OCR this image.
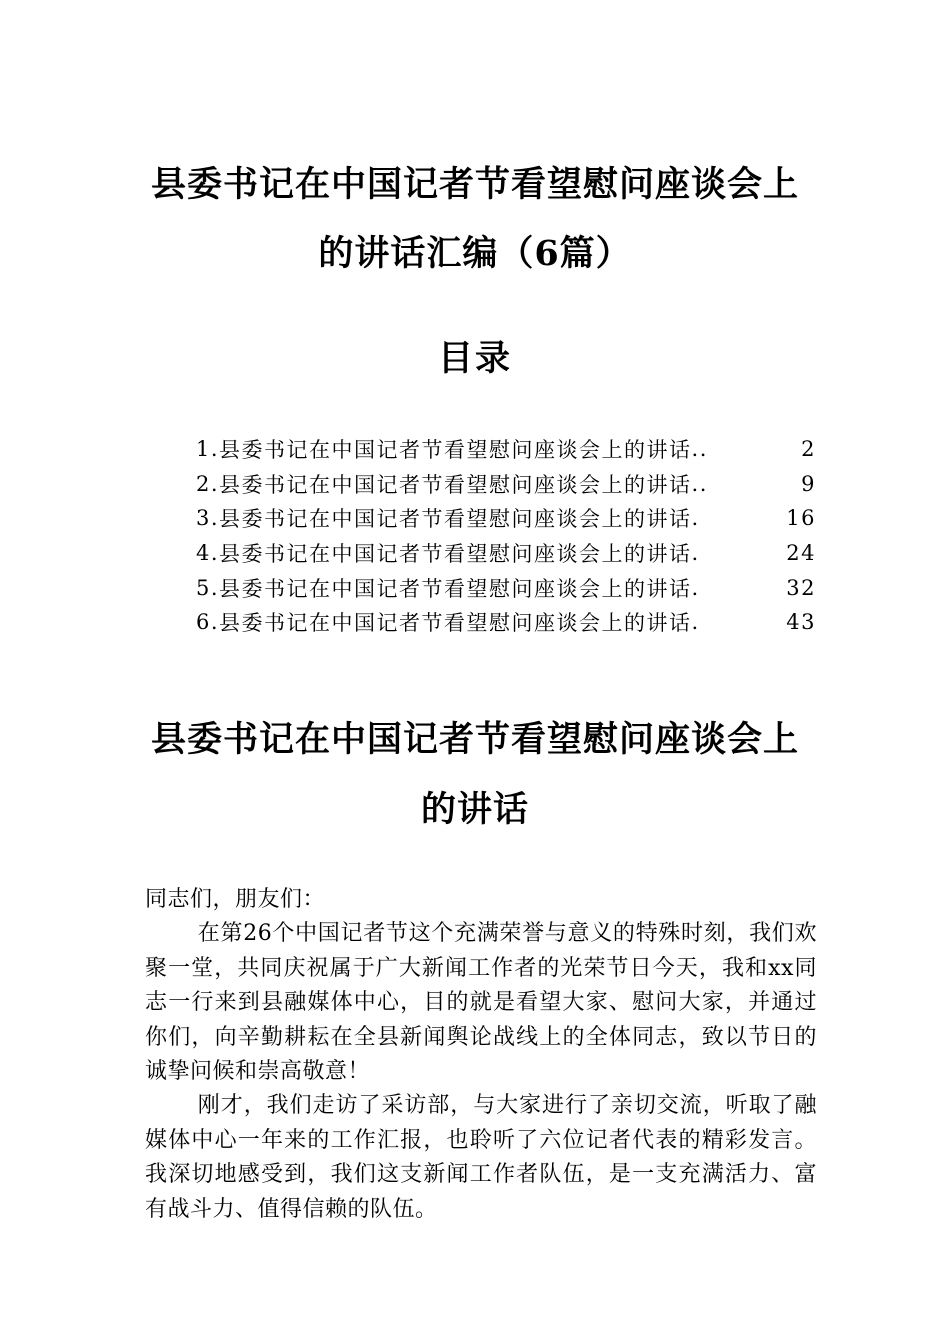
县委书记在中国记者节看望慰问座谈会上
的讲话汇编（6篇）
目录
1. 县委书记在中国记者节看望慰问座谈会上的讲话 ..	2
2. 县委书记在中国记者节看望慰问座谈会上的讲话 ..	9
3. 县委书记在中国记者节看望慰问座谈会上的讲话 .	16
4. 县委书记在中国记者节看望慰问座谈会上的讲话 .	24
5. 县委书记在中国记者节看望慰问座谈会上的讲话 .	32
6. 县委书记在中国记者节看望慰问座谈会上的讲话 .	43
县委书记在中国记者节看望慰问座谈会上
的讲话

同志们，朋友们：

在第26个中国记者节这个充满荣誉与意义的特殊时刻，我们欢聚一堂，共同庆祝属于广大新闻工作者的光荣节日今天，我和xx同志一行来到县融媒体中心，目的就是看望大家、慰问大家，并通过你们，向辛勤耕耘在全县新闻舆论战线上的全体同志，致以节日的诚挚问候和崇高敬意！

刚才，我们走访了采访部，与大家进行了亲切交流，听取了融媒体中心一年来的工作汇报，也聆听了六位记者代表的精彩发言。我深切地感受到，我们这支新闻工作者队伍，是一支充满活力、富有战斗力、值得信赖的队伍。
